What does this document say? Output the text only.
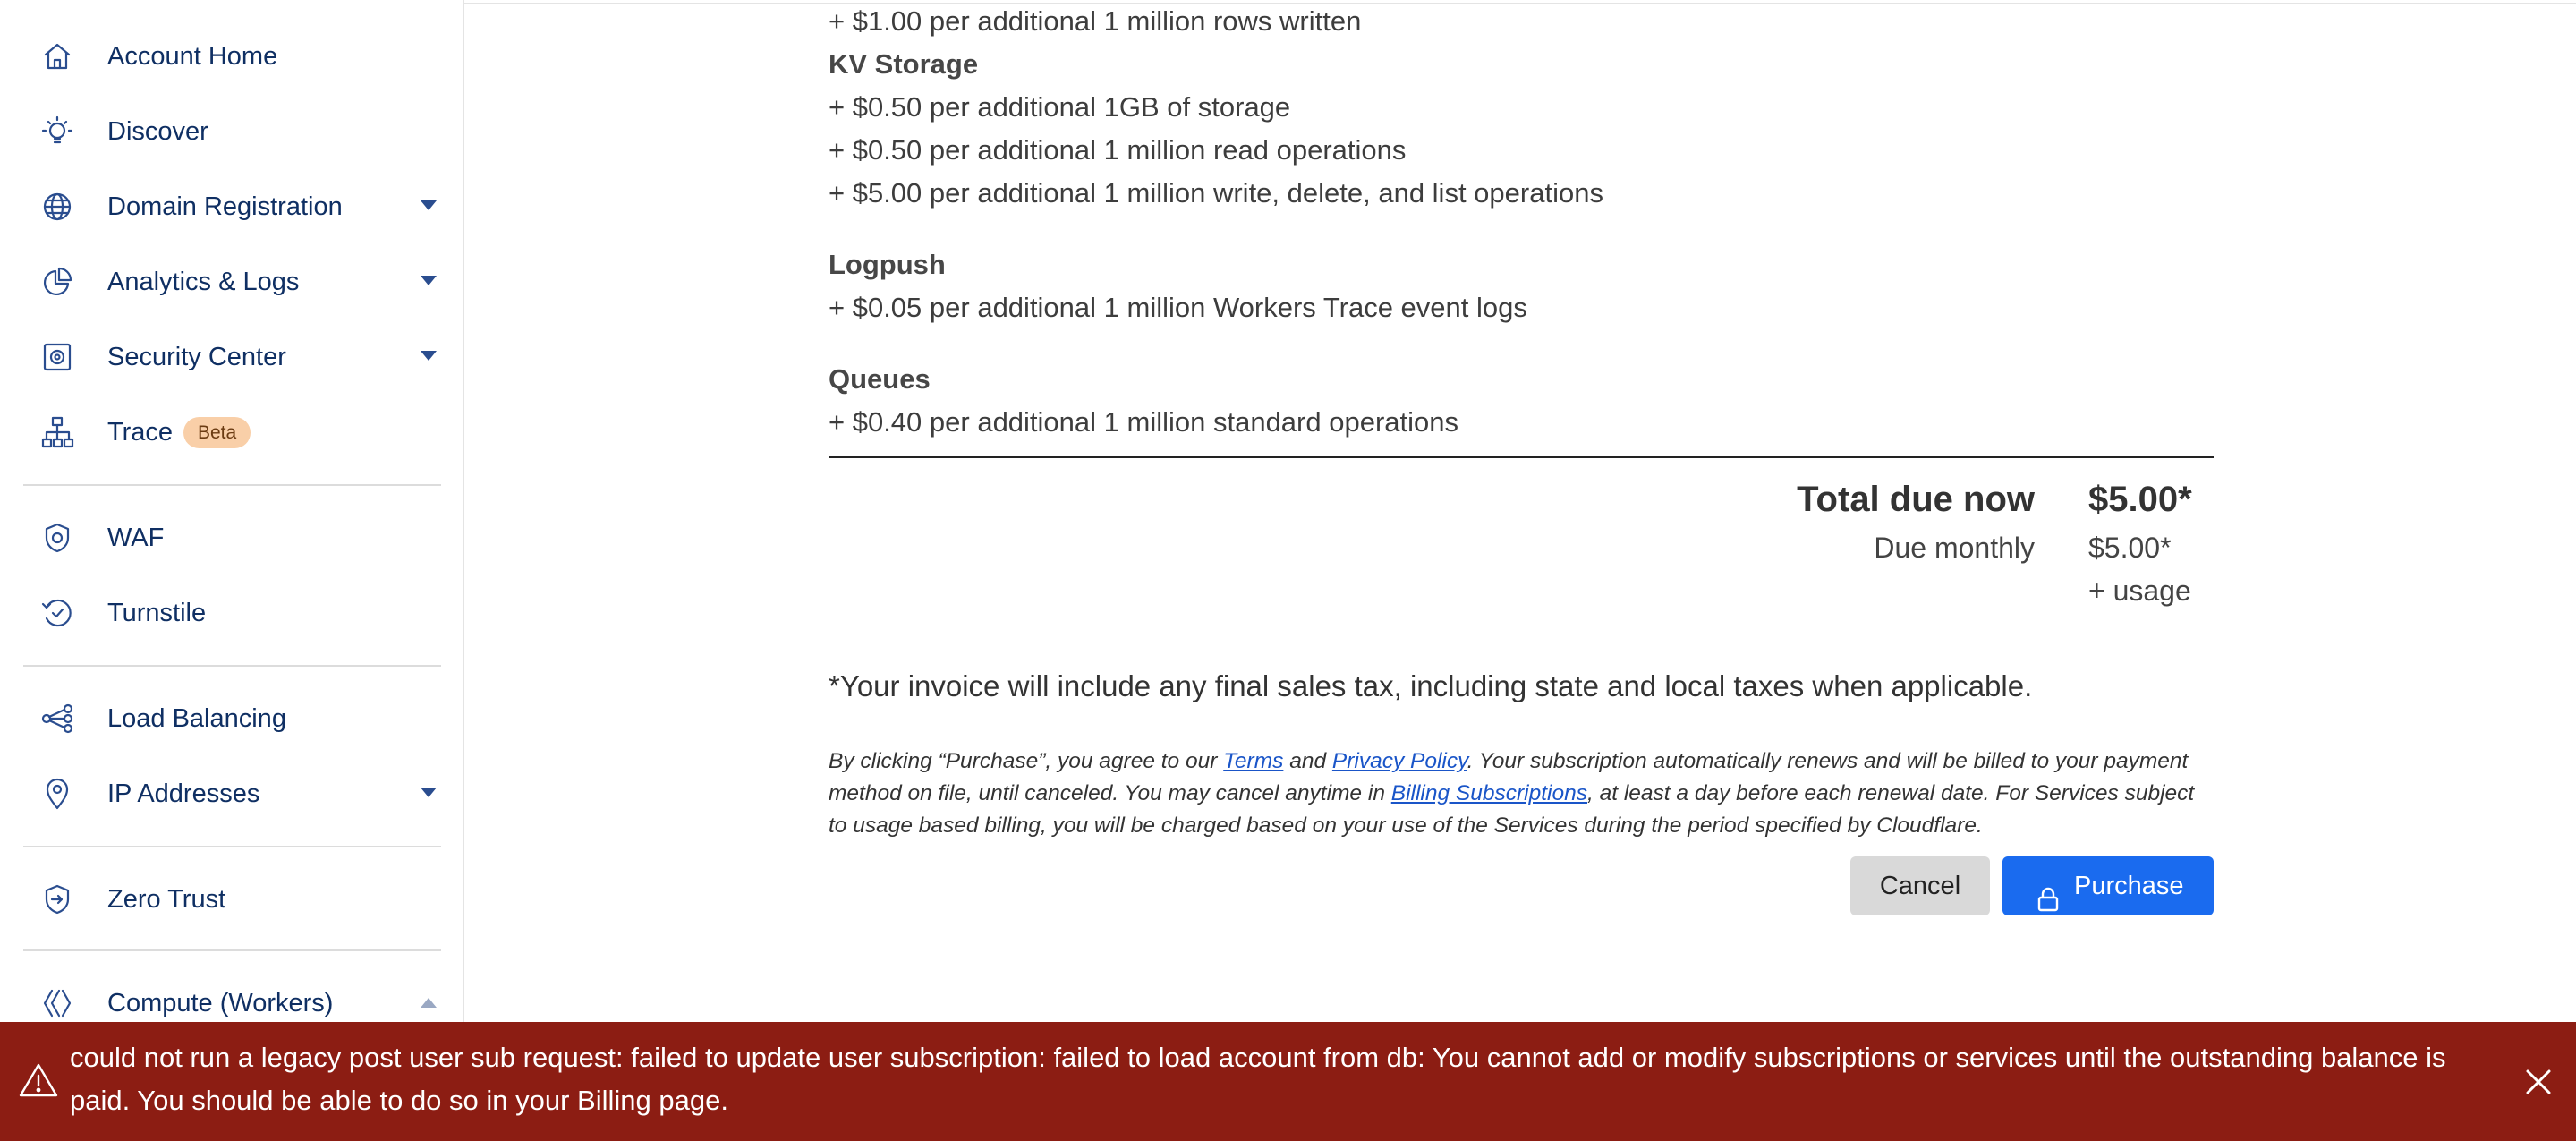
Account Home
Discover
Domain Registration
Analytics & Logs
Security Center
Trace	Beta
WAF
Turnstile
Load Balancing
IP Addresses
Zero Trust
Compute (Workers)
+ $1.00 per additional 1 million rows written
KV Storage
+ $0.50 per additional 1GB of storage
+ $0.50 per additional 1 million read operations
+ $5.00 per additional 1 million write, delete, and list operations
Logpush
+ $0.05 per additional 1 million Workers Trace event logs
Queues
+ $0.40 per additional 1 million standard operations
Total due now $5.00*
Due monthly $5.00*
+ usage
*Your invoice will include any final sales tax, including state and local taxes when applicable.

By clicking “Purchase”, you agree to our Terms and Privacy Policy. Your subscription automatically renews and will be billed to your payment method on file, until canceled. You may cancel anytime in Billing Subscriptions, at least a day before each renewal date. For Services subject to usage based billing, you will be charged based on your use of the Services during the period specified by Cloudflare.

Cancel	Purchase
could not run a legacy post user sub request: failed to update user subscription: failed to load account from db: You cannot add or modify subscriptions or services until the outstanding balance is paid. You should be able to do so in your Billing page.
